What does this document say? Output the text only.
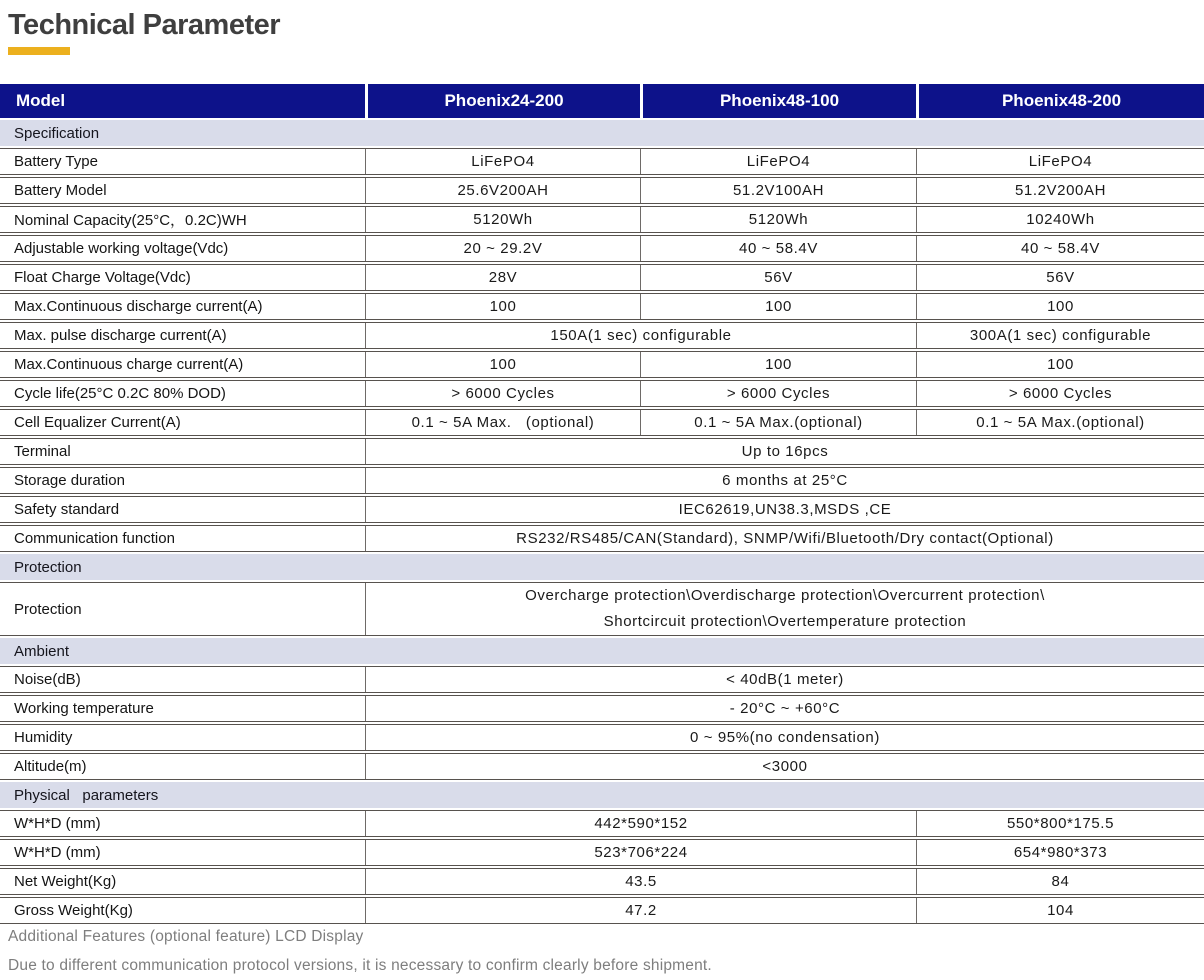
Technical Parameter
Model	Phoenix24-200	Phoenix48-100	Phoenix48-200
Specification
Battery Type	LiFePO4	LiFePO4	LiFePO4
Battery Model	25.6V200AH	51.2V100AH	51.2V200AH
Nominal Capacity(25°C，0.2C)WH	5120Wh	5120Wh	10240Wh
Adjustable working voltage(Vdc)	20 ~ 29.2V	40 ~ 58.4V	40 ~ 58.4V
Float Charge Voltage(Vdc)	28V	56V	56V
Max.Continuous discharge current(A)	100	100	100
Max. pulse discharge current(A)	150A(1 sec) configurable	300A(1 sec) configurable
Max.Continuous charge current(A)	100	100	100
Cycle life(25°C 0.2C 80% DOD)	> 6000 Cycles	> 6000 Cycles	> 6000 Cycles
Cell Equalizer Current(A)	0.1 ~ 5A Max.   (optional)	0.1 ~ 5A Max.(optional)	0.1 ~ 5A Max.(optional)
Terminal	Up to 16pcs
Storage duration	6 months at 25°C
Safety standard	IEC62619,UN38.3,MSDS ,CE
Communication function	RS232/RS485/CAN(Standard), SNMP/Wifi/Bluetooth/Dry contact(Optional)
Protection
Protection
Overcharge protection\Overdischarge protection\Overcurrent protection\
Shortcircuit protection\Overtemperature protection
Ambient
Noise(dB)	< 40dB(1 meter)
Working temperature	- 20°C ~ +60°C
Humidity	0 ~ 95%(no condensation)
Altitude(m)	<3000
Physical   parameters
W*H*D (mm)	442*590*152	550*800*175.5
W*H*D (mm)	523*706*224	654*980*373
Net Weight(Kg)	43.5	84
Gross Weight(Kg)	47.2	104
Additional Features (optional feature) LCD Display
Due to different communication protocol versions, it is necessary to confirm clearly before shipment.
